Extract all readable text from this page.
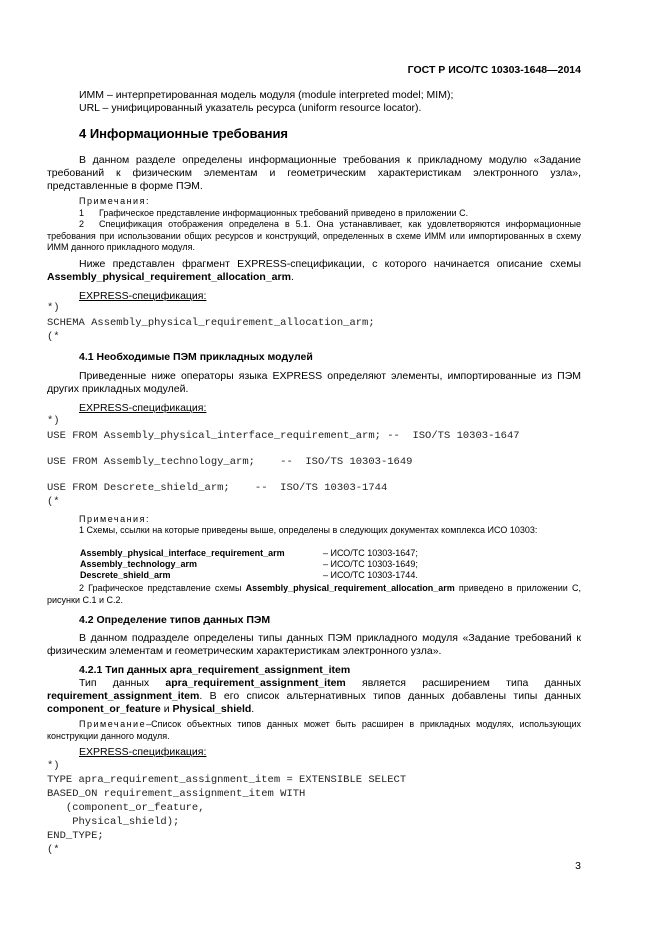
ГОСТ Р ИСО/ТС 10303-1648—2014
ИММ – интерпретированная модель модуля (module interpreted model; MIM);
URL – унифицированный указатель ресурса (uniform resource locator).
4 Информационные требования
В данном разделе определены информационные требования к прикладному модулю «Задание требований к физическим элементам и геометрическим характеристикам электронного узла», представленные в форме ПЭМ.
Примечания:
1 Графическое представление информационных требований приведено в приложении С.
2 Спецификация отображения определена в 5.1. Она устанавливает, как удовлетворяются информационные требования при использовании общих ресурсов и конструкций, определенных в схеме ИММ или импортированных в схему ИММ данного прикладного модуля.
Ниже представлен фрагмент EXPRESS-спецификации, с которого начинается описание схемы Assembly_physical_requirement_allocation_arm.
EXPRESS-спецификация:
*)
SCHEMA Assembly_physical_requirement_allocation_arm;
(*
4.1 Необходимые ПЭМ прикладных модулей
Приведенные ниже операторы языка EXPRESS определяют элементы, импортированные из ПЭМ других прикладных модулей.
EXPRESS-спецификация:
*)
USE FROM Assembly_physical_interface_requirement_arm; --  ISO/TS 10303-1647
USE FROM Assembly_technology_arm;    --  ISO/TS 10303-1649
USE FROM Descrete_shield_arm;    --  ISO/TS 10303-1744
(*
Примечания:
1 Схемы, ссылки на которые приведены выше, определены в следующих документах комплекса ИСО 10303:
Assembly_physical_interface_requirement_arm	– ИСО/ТС 10303-1647;
Assembly_technology_arm	– ИСО/ТС 10303-1649;
Descrete_shield_arm	– ИСО/ТС 10303-1744.
2 Графическое представление схемы Assembly_physical_requirement_allocation_arm приведено в приложении С, рисунки С.1 и С.2.
4.2 Определение типов данных ПЭМ
В данном подразделе определены типы данных ПЭМ прикладного модуля «Задание требований к физическим элементам и геометрическим характеристикам электронного узла».
4.2.1 Тип данных apra_requirement_assignment_item
Тип данных apra_requirement_assignment_item является расширением типа данных requirement_assignment_item. В его список альтернативных типов данных добавлены типы данных component_or_feature и Physical_shield.
Примечание–Список объектных типов данных может быть расширен в прикладных модулях, использующих конструкции данного модуля.
EXPRESS-спецификация:
*)
TYPE apra_requirement_assignment_item = EXTENSIBLE SELECT
BASED_ON requirement_assignment_item WITH
(component_or_feature,
Physical_shield);
END_TYPE;
(*
3
